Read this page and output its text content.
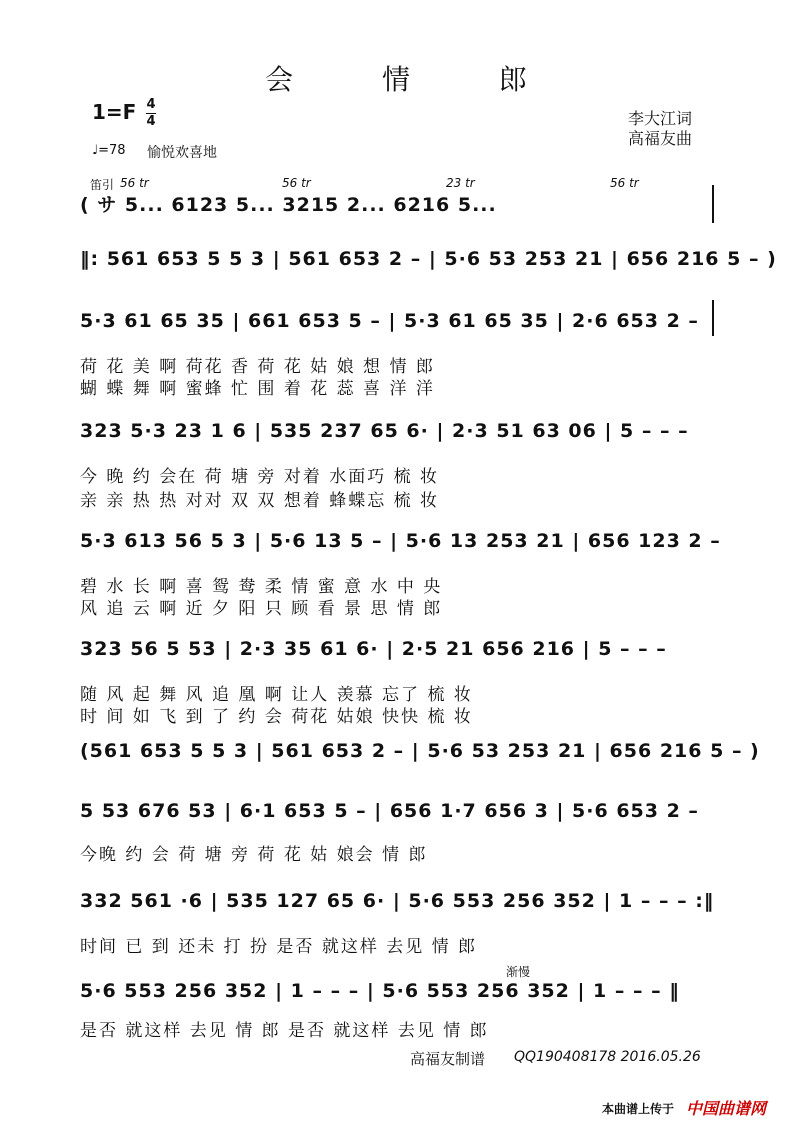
会 情 郎
1=F 4
4
♩=78 愉悦欢喜地
李大江词
高福友曲
笛引
( サ 5... 6123 5... 3215 2... 6216 5...
56 tr	56 tr	23 tr	56 tr
‖: 561 653 5 5 3 | 561 653 2 – | 5·6 53 253 21 | 656 216 5 – )
5·3 61 65 35 | 661 653 5 – | 5·3 61 65 35 | 2·6 653 2 –
荷 花 美 啊 荷花 香 荷 花 姑 娘 想 情 郎
蝴 蝶 舞 啊 蜜蜂 忙 围 着 花 蕊 喜 洋 洋
323 5·3 23 1 6 | 535 237 65 6· | 2·3 51 63 06 | 5 – – –
今 晚 约 会在 荷 塘 旁 对着 水面巧 梳 妆
亲 亲 热 热 对对 双 双 想着 蜂蝶忘 梳 妆
5·3 613 56 5 3 | 5·6 13 5 – | 5·6 13 253 21 | 656 123 2 –
碧 水 长 啊 喜 鸳 鸯 柔 情 蜜 意 水 中 央
风 追 云 啊 近 夕 阳 只 顾 看 景 思 情 郎
323 56 5 53 | 2·3 35 61 6· | 2·5 21 656 216 | 5 – – –
随 风 起 舞 风 追 凰 啊 让人 羡慕 忘了 梳 妆
时 间 如 飞 到 了 约 会 荷花 姑娘 快快 梳 妆
(561 653 5 5 3 | 561 653 2 – | 5·6 53 253 21 | 656 216 5 – )
5 53 676 53 | 6·1 653 5 – | 656 1·7 656 3 | 5·6 653 2 –
今晚 约 会 荷 塘 旁 荷 花 姑 娘会 情 郎
332 561 ·6 | 535 127 65 6· | 5·6 553 256 352 | 1 – – – :‖
时间 已 到 还未 打 扮 是否 就这样 去见 情 郎
渐慢
5·6 553 256 352 | 1 – – – | 5·6 553 256 352 | 1 – – – ‖
是否 就这样 去见 情 郎 是否 就这样 去见 情 郎
高福友制谱 QQ190408178 2016.05.26
本曲谱上传于 中国曲谱网
